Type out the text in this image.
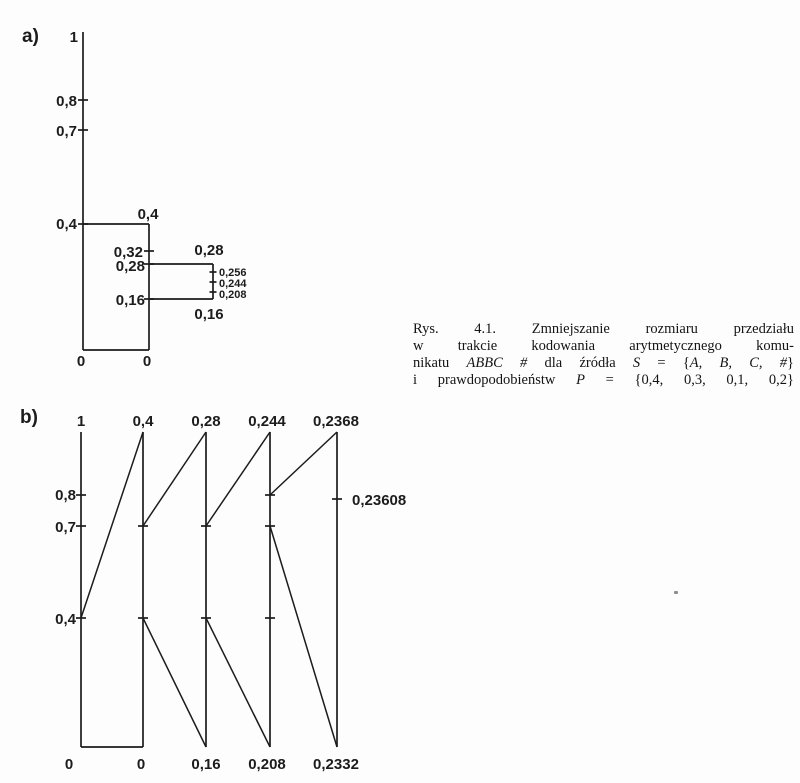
a) 1
0,8
0,7
0,4
0
0,4
0,32
0,28
0,16
0
0,28
0,16
0,256
0,244
0,208
b)	1	0,4	0,28 0,244 0,2368
0,8
0,7
0,4
0,23608
0	0	0,16 0,208 0,2332
Rys. 4.1. Zmniejszanie rozmiaru przedziału
w trakcie kodowania arytmetycznego komu-
nikatu ABBC # dla źródła S = {A, B, C, #}
i prawdopodobieństw P = {0,4, 0,3, 0,1, 0,2}
